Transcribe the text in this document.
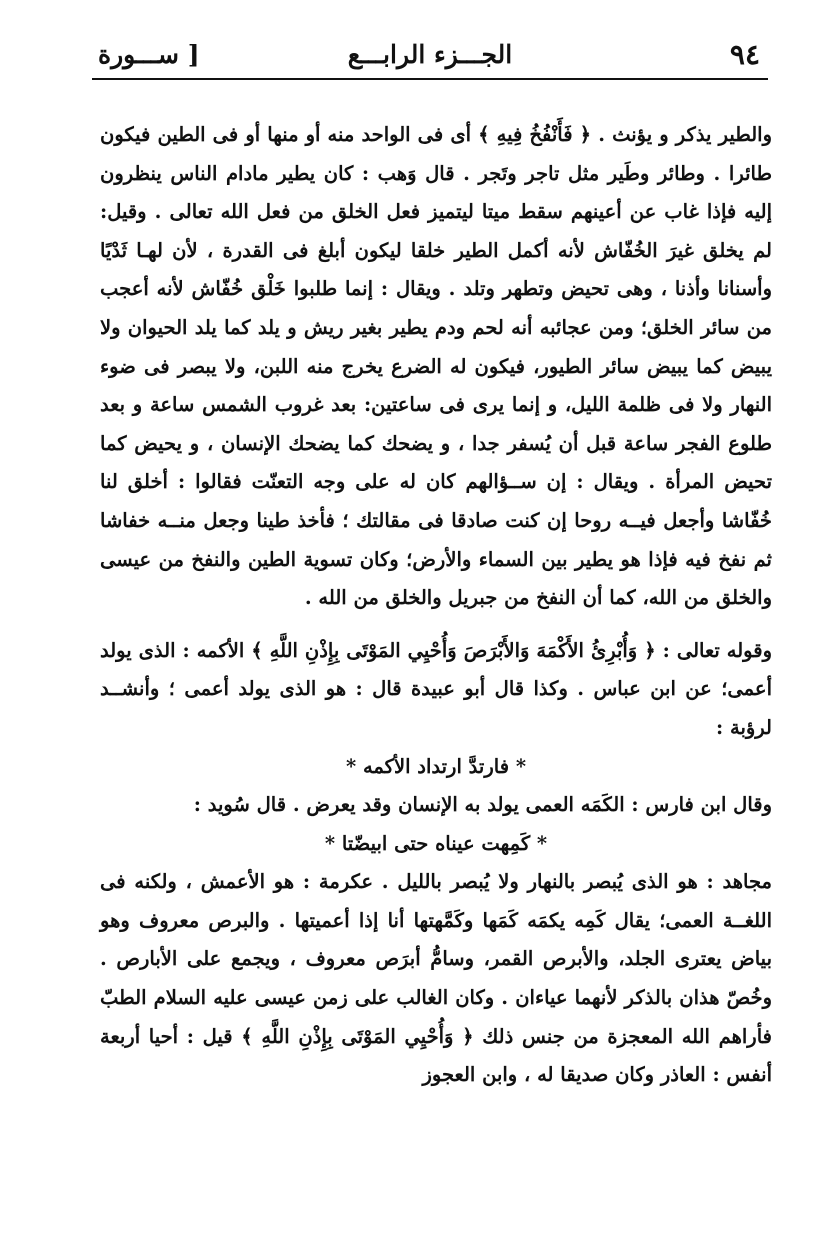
٩٤
الجـــزء الرابـــع
[ ســـورة

والطير يذكر و يؤنث . ﴿ فَأَنْفُخُ فِيهِ ﴾ أى فى الواحد منه أو منها أو فى الطين فيكون طائرا . وطائر وطَير مثل تاجر وتَجر . قال وَهب : كان يطير مادام الناس ينظرون إليه فإذا غاب عن أعينهم سقط ميتا ليتميز فعل الخلق من فعل الله تعالى . وقيل: لم يخلق غيرَ الخُفّاش لأنه أكمل الطير خلقا ليكون أبلغ فى القدرة ، لأن لهـا ثَدْيًا وأسنانا وأذنا ، وهى تحيض وتطهر وتلد . ويقال : إنما طلبوا خَلْق خُفّاش لأنه أعجب من سائر الخلق؛ ومن عجائبه أنه لحم ودم يطير بغير ريش و يلد كما يلد الحيوان ولا يبيض كما يبيض سائر الطيور، فيكون له الضرع يخرج منه اللبن، ولا يبصر فى ضوء النهار ولا فى ظلمة الليل، و إنما يرى فى ساعتين: بعد غروب الشمس ساعة و بعد طلوع الفجر ساعة قبل أن يُسفر جدا ، و يضحك كما يضحك الإنسان ، و يحيض كما تحيض المرأة . ويقال : إن ســؤالهم كان له على وجه التعنّت فقالوا : أخلق لنا خُفّاشا وأجعل فيــه روحا إن كنت صادقا فى مقالتك ؛ فأخذ طينا وجعل منــه خفاشا ثم نفخ فيه فإذا هو يطير بين السماء والأرض؛ وكان تسوية الطين والنفخ من عيسى والخلق من الله، كما أن النفخ من جبريل والخلق من الله .

وقوله تعالى : ﴿ وَأُبْرِئُ الأَكْمَهَ وَالأَبْرَصَ وَأُحْيِي المَوْتَى بِإِذْنِ اللَّهِ ﴾ الأكمه : الذى يولد أعمى؛ عن ابن عباس . وكذا قال أبو عبيدة قال : هو الذى يولد أعمى ؛ وأنشــد لرؤبة :

* فارتدَّ ارتداد الأكمه *

وقال ابن فارس : الكَمَه العمى يولد به الإنسان وقد يعرض . قال سُويد :

* كَمِهت عيناه حتى ابيضّتا *

مجاهد : هو الذى يُبصر بالنهار ولا يُبصر بالليل . عكرمة : هو الأعمش ، ولكنه فى اللغــة العمى؛ يقال كَمِه يكمَه كَمَها وكَمَّهتها أنا إذا أعميتها . والبرص معروف وهو بياض يعترى الجلد، والأبرص القمر، وسامُّ أبرَص معروف ، ويجمع على الأبارص . وخُصّ هذان بالذكر لأنهما عياءان . وكان الغالب على زمن عيسى عليه السلام الطبّ فأراهم الله المعجزة من جنس ذلك ﴿ وَأُحْيِي المَوْتَى بِإِذْنِ اللَّهِ ﴾ قيل : أحيا أربعة أنفس : العاذر وكان صديقا له ، وابن العجوز
